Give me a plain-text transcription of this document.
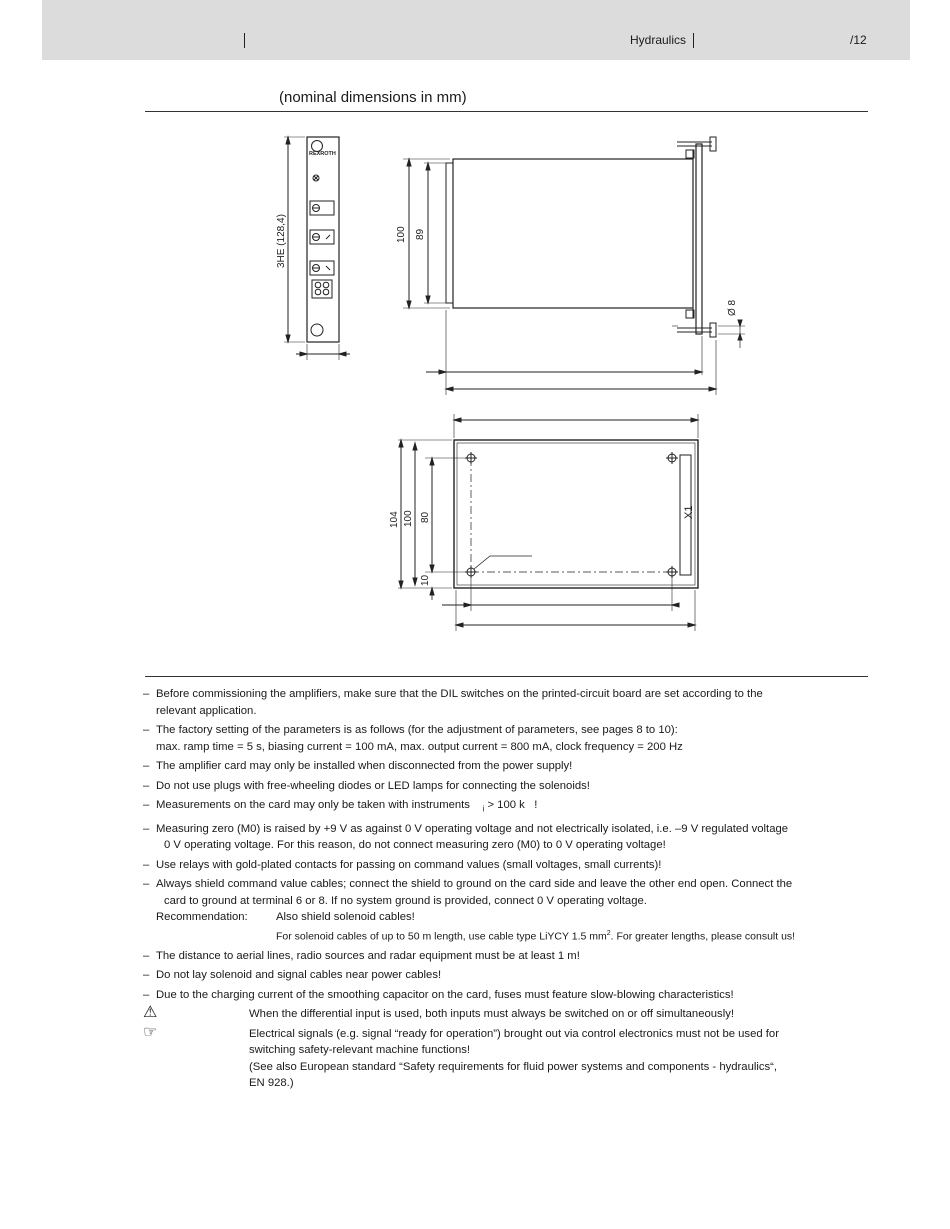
Hydraulics	/12
(nominal dimensions in mm)
REXROTH
3HE (128,4)	100 89
Ø 8
X1
104 100 80
10
– Before commissioning the amplifiers, make sure that the DIL switches on the printed-circuit board are set according to the
relevant application.
– The factory setting of the parameters is as follows (for the adjustment of parameters, see pages 8 to 10):
max. ramp time = 5 s, biasing current = 100 mA, max. output current = 800 mA, clock frequency = 200 Hz
– The amplifier card may only be installed when disconnected from the power supply!
– Do not use plugs with free-wheeling diodes or LED lamps for connecting the solenoids!
– Measurements on the card may only be taken with instruments $_i$ > 100 k !
– Measuring zero (M0) is raised by +9 V as against 0 V operating voltage and not electrically isolated, i.e. –9 V regulated voltage
0 V operating voltage. For this reason, do not connect measuring zero (M0) to 0 V operating voltage!
– Use relays with gold-plated contacts for passing on command values (small voltages, small currents)!
– Always shield command value cables; connect the shield to ground on the card side and leave the other end open. Connect the
card to ground at terminal 6 or 8. If no system ground is provided, connect 0 V operating voltage.
Recommendation:	Also shield solenoid cables!
For solenoid cables of up to 50 m length, use cable type LiYCY 1.5 $mm^2$. For greater lengths, please consult us!
– The distance to aerial lines, radio sources and radar equipment must be at least 1 m!
– Do not lay solenoid and signal cables near power cables!
– Due to the charging current of the smoothing capacitor on the card, fuses must feature slow-blowing characteristics!
⚠	When the differential input is used, both inputs must always be switched on or off simultaneously!
☞	Electrical signals (e.g. signal “ready for operation”) brought out via control electronics must not be used for
switching safety-relevant machine functions!
(See also European standard “Safety requirements for fluid power systems and components - hydraulics“,
EN 928.)
